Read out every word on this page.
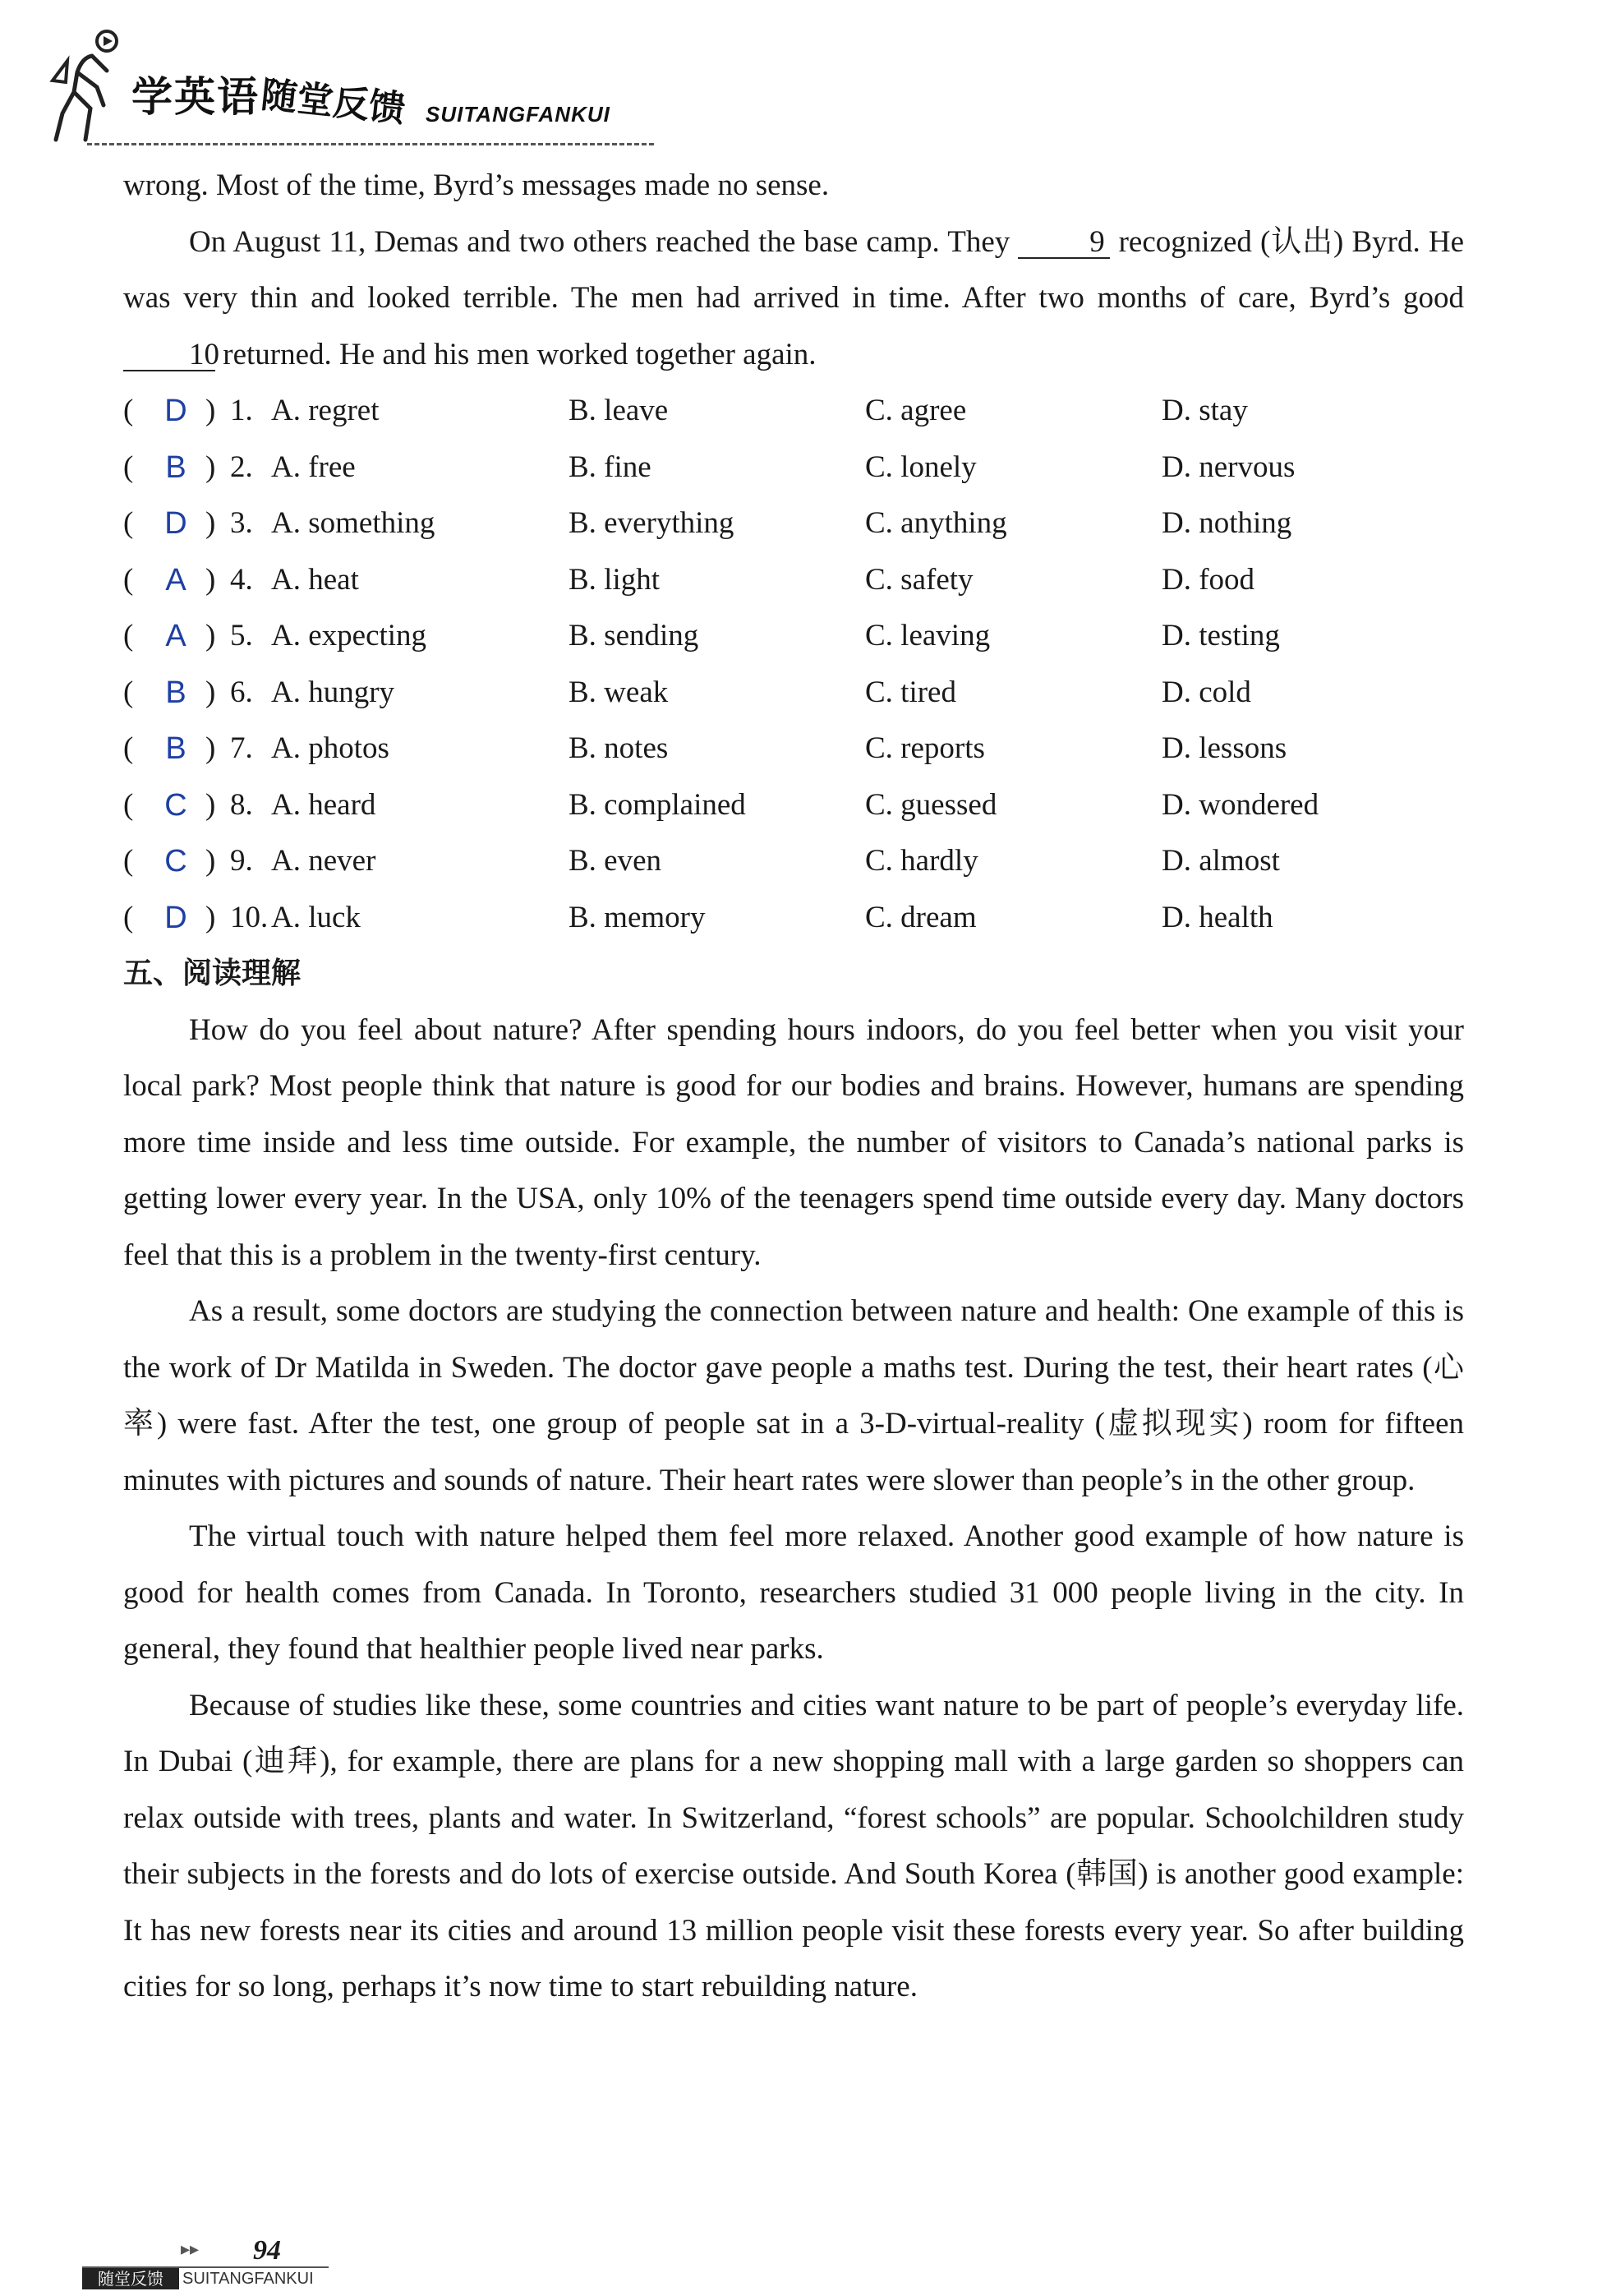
学英语 随堂反馈 SUITANGFANKUI

wrong. Most of the time, Byrd’s messages made no sense.

On August 11, Demas and two others reached the base camp. They 9 recognized (认出) Byrd. He was very thin and looked terrible. The men had arrived in time. After two months of care, Byrd’s good 10 returned. He and his men worked together again.

( D ) 1. A. regret	B. leave	C. agree	D. stay
( B ) 2. A. free	B. fine	C. lonely	D. nervous
( D ) 3. A. something	B. everything	C. anything	D. nothing
( A ) 4. A. heat	B. light	C. safety	D. food
( A ) 5. A. expecting	B. sending	C. leaving	D. testing
( B ) 6. A. hungry	B. weak	C. tired	D. cold
( B ) 7. A. photos	B. notes	C. reports	D. lessons
( C ) 8. A. heard	B. complained	C. guessed	D. wondered
( C ) 9. A. never	B. even	C. hardly	D. almost
( D ) 10. A. luck	B. memory	C. dream	D. health
五、阅读理解

How do you feel about nature? After spending hours indoors, do you feel better when you visit your local park? Most people think that nature is good for our bodies and brains. However, humans are spending more time inside and less time outside. For example, the number of visitors to Canada’s national parks is getting lower every year. In the USA, only 10% of the teenagers spend time outside every day. Many doctors feel that this is a problem in the twenty-first century.

As a result, some doctors are studying the connection between nature and health: One example of this is the work of Dr Matilda in Sweden. The doctor gave people a maths test. During the test, their heart rates (心率) were fast. After the test, one group of people sat in a 3-D-virtual-reality (虚拟现实) room for fifteen minutes with pictures and sounds of nature. Their heart rates were slower than people’s in the other group.

The virtual touch with nature helped them feel more relaxed. Another good example of how nature is good for health comes from Canada. In Toronto, researchers studied 31 000 people living in the city. In general, they found that healthier people lived near parks.

Because of studies like these, some countries and cities want nature to be part of people’s everyday life. In Dubai (迪拜), for example, there are plans for a new shopping mall with a large garden so shoppers can relax outside with trees, plants and water. In Switzerland, “forest schools” are popular. Schoolchildren study their subjects in the forests and do lots of exercise outside. And South Korea (韩国) is another good example: It has new forests near its cities and around 13 million people visit these forests every year. So after building cities for so long, perhaps it’s now time to start rebuilding nature.

▸▸ 94
随堂反馈	SUITANGFANKUI
